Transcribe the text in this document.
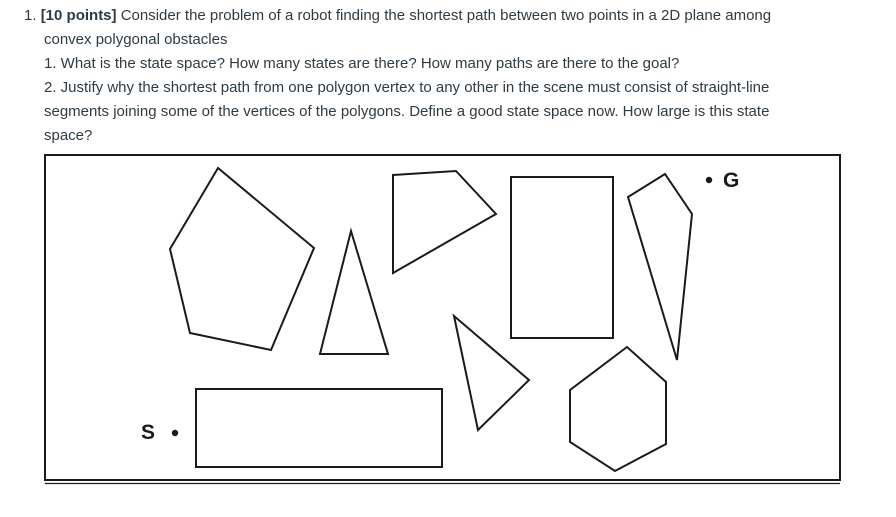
1. [10 points] Consider the problem of a robot finding the shortest path between two points in a 2D plane among
convex polygonal obstacles
1. What is the state space? How many states are there? How many paths are there to the goal?
2. Justify why the shortest path from one polygon vertex to any other in the scene must consist of straight-line
segments joining some of the vertices of the polygons. Define a good state space now. How large is this state
space?
S
G
